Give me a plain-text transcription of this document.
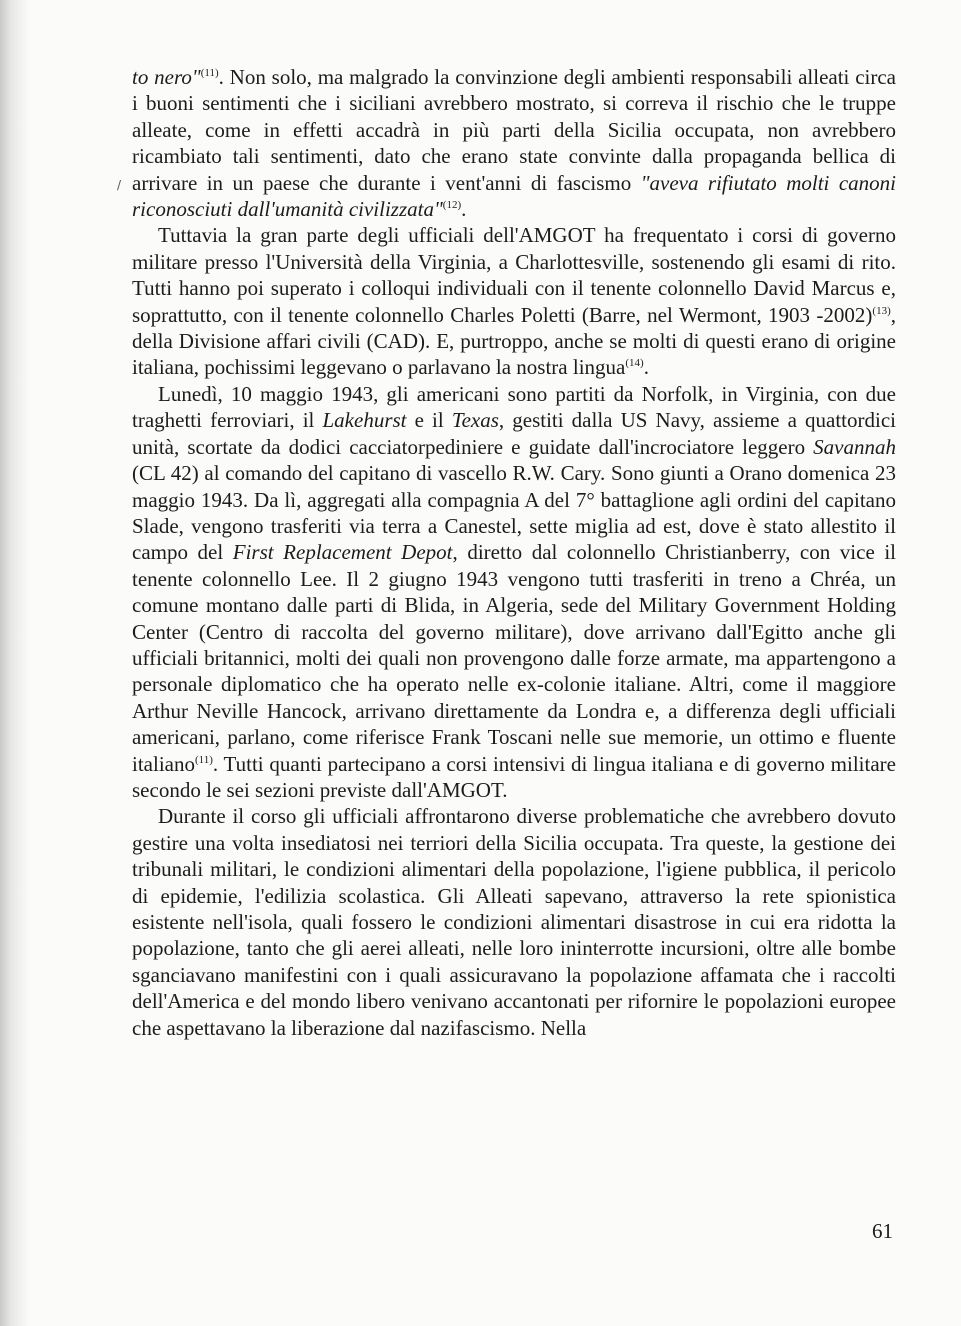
/

to nero"$^{(11)}$. Non solo, ma malgrado la convinzione degli ambienti responsabili alleati circa i buoni sentimenti che i siciliani avrebbero mostrato, si correva il rischio che le truppe alleate, come in effetti accadrà in più parti della Sicilia occupata, non avrebbero ricambiato tali sentimenti, dato che erano state convinte dalla propaganda bellica di arrivare in un paese che durante i vent'anni di fascismo "aveva rifiutato molti canoni riconosciuti dall'umanità civilizzata"$^{(12)}$.

Tuttavia la gran parte degli ufficiali dell'AMGOT ha frequentato i corsi di governo militare presso l'Università della Virginia, a Charlottesville, sostenendo gli esami di rito. Tutti hanno poi superato i colloqui individuali con il tenente colonnello David Marcus e, soprattutto, con il tenente colonnello Charles Poletti (Barre, nel Wermont, 1903 -2002)$^{(13)}$, della Divisione affari civili (CAD). E, purtroppo, anche se molti di questi erano di origine italiana, pochissimi leggevano o parlavano la nostra lingua$^{(14)}$.

Lunedì, 10 maggio 1943, gli americani sono partiti da Norfolk, in Virginia, con due traghetti ferroviari, il Lakehurst e il Texas, gestiti dalla US Navy, assieme a quattordici unità, scortate da dodici cacciatorpediniere e guidate dall'incrociatore leggero Savannah (CL 42) al comando del capitano di vascello R.W. Cary. Sono giunti a Orano domenica 23 maggio 1943. Da lì, aggregati alla compagnia A del 7° battaglione agli ordini del capitano Slade, vengono trasferiti via terra a Canestel, sette miglia ad est, dove è stato allestito il campo del First Replacement Depot, diretto dal colonnello Christianberry, con vice il tenente colonnello Lee. Il 2 giugno 1943 vengono tutti trasferiti in treno a Chréa, un comune montano dalle parti di Blida, in Algeria, sede del Military Government Holding Center (Centro di raccolta del governo militare), dove arrivano dall'Egitto anche gli ufficiali britannici, molti dei quali non provengono dalle forze armate, ma appartengono a personale diplomatico che ha operato nelle ex-colonie italiane. Altri, come il maggiore Arthur Neville Hancock, arrivano direttamente da Londra e, a differenza degli ufficiali americani, parlano, come riferisce Frank Toscani nelle sue memorie, un ottimo e fluente italiano$^{(11)}$. Tutti quanti partecipano a corsi intensivi di lingua italiana e di governo militare secondo le sei sezioni previste dall'AMGOT.

Durante il corso gli ufficiali affrontarono diverse problematiche che avrebbero dovuto gestire una volta insediatosi nei terriori della Sicilia occupata. Tra queste, la gestione dei tribunali militari, le condizioni alimentari della popolazione, l'igiene pubblica, il pericolo di epidemie, l'edilizia scolastica. Gli Alleati sapevano, attraverso la rete spionistica esistente nell'isola, quali fossero le condizioni alimentari disastrose in cui era ridotta la popolazione, tanto che gli aerei alleati, nelle loro ininterrotte incursioni, oltre alle bombe sganciavano manifestini con i quali assicuravano la popolazione affamata che i raccolti dell'America e del mondo libero venivano accantonati per rifornire le popolazioni europee che aspettavano la liberazione dal nazifascismo. Nella

61
